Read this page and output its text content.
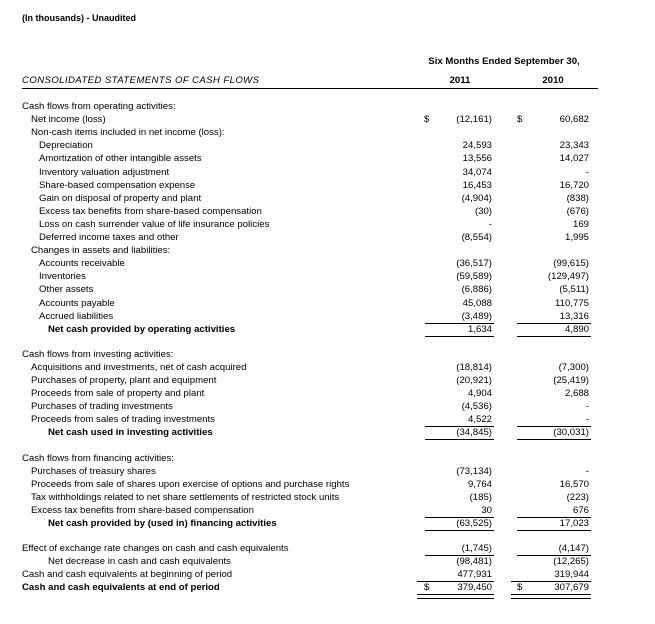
(In thousands) - Unaudited
Six Months Ended September 30,
2011	2010
CONSOLIDATED STATEMENTS OF CASH FLOWS
Cash flows from operating activities:
Net income (loss)	(12,161)	60,682
$	$
Non-cash items included in net income (loss):
Depreciation	24,593	23,343
Amortization of other intangible assets	13,556	14,027
Inventory valuation adjustment	34,074	-
Share-based compensation expense	16,453	16,720
Gain on disposal of property and plant	(4,904)	(838)
Excess tax benefits from share-based compensation	(30)	(676)
Loss on cash surrender value of life insurance policies	-	169
Deferred income taxes and other	(8,554)	1,995
Changes in assets and liabilities:
Accounts receivable	(36,517)	(99,615)
Inventories	(59,589)	(129,497)
Other assets	(6,886)	(5,511)
Accounts payable	45,088	110,775
Accrued liabilities	(3,489)	13,316
Net cash provided by operating activities	1,634	4,890
Cash flows from investing activities:
Acquisitions and investments, net of cash acquired	(18,814)	(7,300)
Purchases of property, plant and equipment	(20,921)	(25,419)
Proceeds from sale of property and plant	4,904	2,688
Purchases of trading investments	(4,536)	-
Proceeds from sales of trading investments	4,522	-
Net cash used in investing activities	(34,845)	(30,031)
Cash flows from financing activities:
Purchases of treasury shares	(73,134)	-
Proceeds from sale of shares upon exercise of options and purchase rights	9,764	16,570
Tax withholdings related to net share settlements of restricted stock units	(185)	(223)
Excess tax benefits from share-based compensation	30	676
Net cash provided by (used in) financing activities	(63,525)	17,023
Effect of exchange rate changes on cash and cash equivalents	(1,745)	(4,147)
Net decrease in cash and cash equivalents	(98,481)	(12,265)
Cash and cash equivalents at beginning of period	477,931	319,944
Cash and cash equivalents at end of period	379,450	307,679
$	$
